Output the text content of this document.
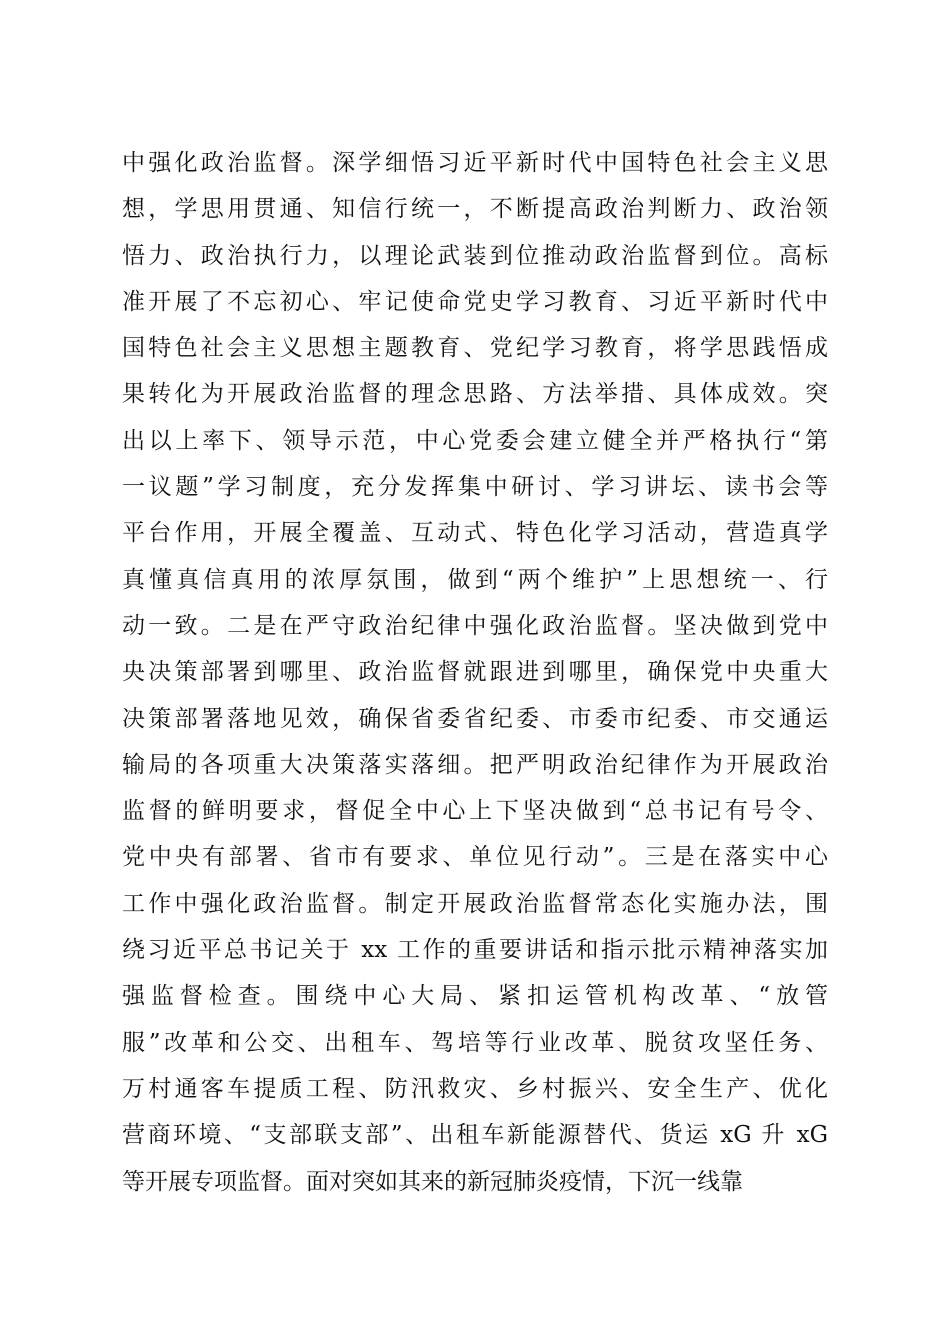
中强化政治监督。深学细悟习近平新时代中国特色社会主义思
想，学思用贯通、知信行统一，不断提高政治判断力、政治领
悟力、政治执行力，以理论武装到位推动政治监督到位。高标
准开展了不忘初心、牢记使命党史学习教育、习近平新时代中
国特色社会主义思想主题教育、党纪学习教育，将学思践悟成
果转化为开展政治监督的理念思路、方法举措、具体成效。突
出以上率下、领导示范，中心党委会建立健全并严格执行“第
一议题”学习制度，充分发挥集中研讨、学习讲坛、读书会等
平台作用，开展全覆盖、互动式、特色化学习活动，营造真学
真懂真信真用的浓厚氛围，做到“两个维护”上思想统一、行
动一致。二是在严守政治纪律中强化政治监督。坚决做到党中
央决策部署到哪里、政治监督就跟进到哪里，确保党中央重大
决策部署落地见效，确保省委省纪委、市委市纪委、市交通运
输局的各项重大决策落实落细。把严明政治纪律作为开展政治
监督的鲜明要求，督促全中心上下坚决做到“总书记有号令、
党中央有部署、省市有要求、单位见行动”。三是在落实中心
工作中强化政治监督。制定开展政治监督常态化实施办法，围
绕习近平总书记关于 xx 工作的重要讲话和指示批示精神落实加
强监督检查。围绕中心大局、紧扣运管机构改革、“放管
服”改革和公交、出租车、驾培等行业改革、脱贫攻坚任务、
万村通客车提质工程、防汛救灾、乡村振兴、安全生产、优化
营商环境、“支部联支部”、出租车新能源替代、货运 xG 升 xG
等开展专项监督。面对突如其来的新冠肺炎疫情，下沉一线靠
